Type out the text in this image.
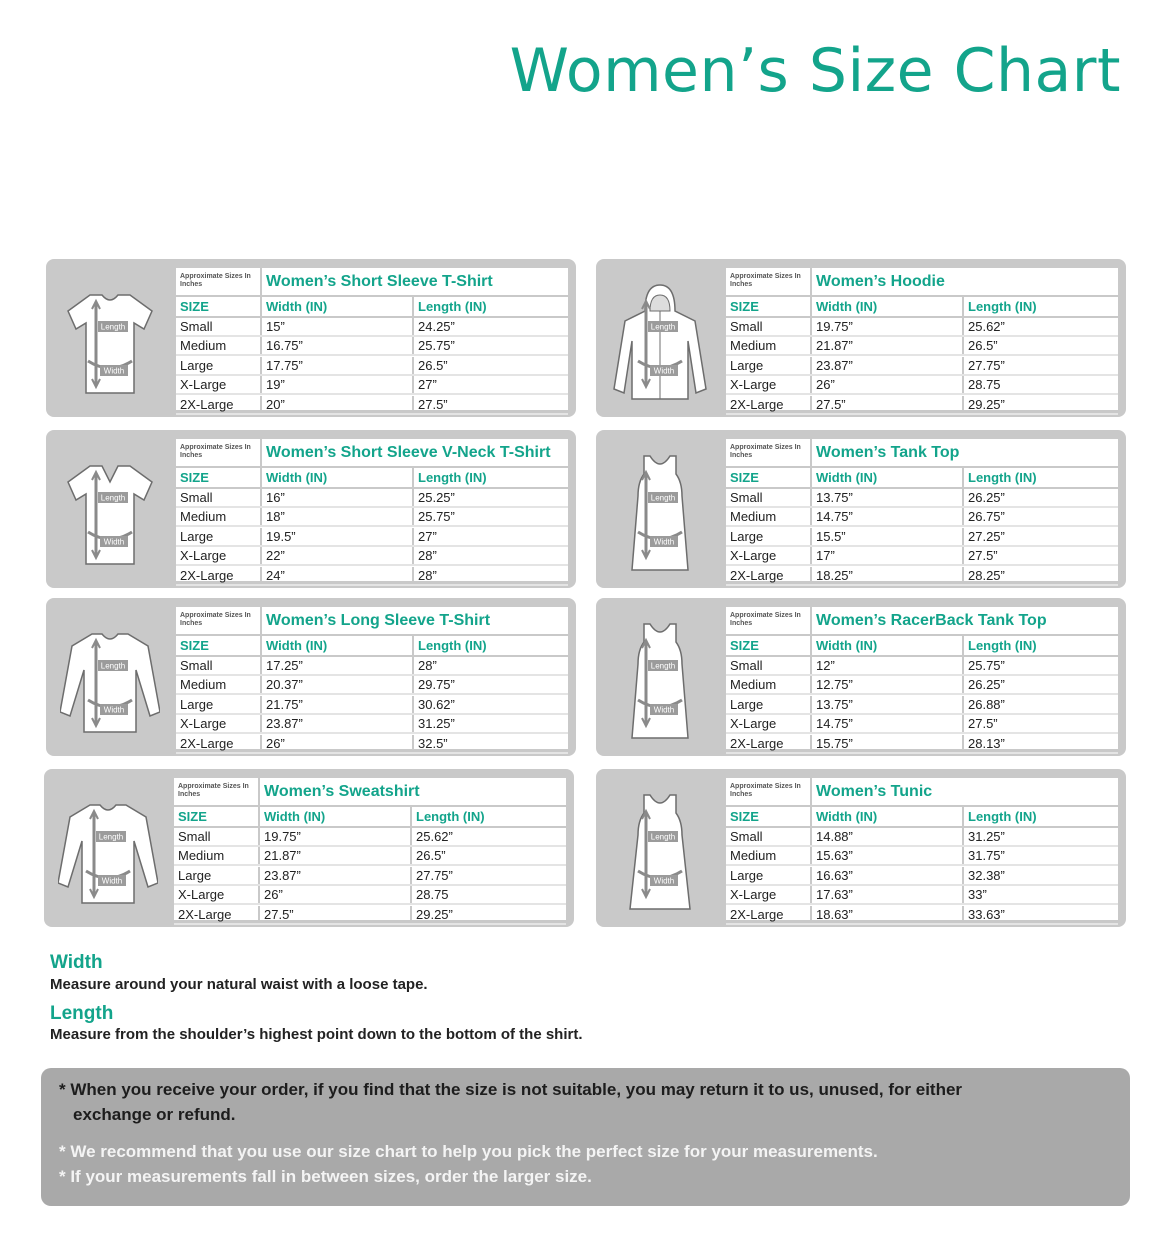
Women’s Size Chart
Length
Width
Approximate Sizes In Inches	Women’s Short Sleeve T-Shirt
SIZE	Width (IN)	Length (IN)
Small	15”	24.25”
Medium	16.75”	25.75”
Large	17.75”	26.5”
X-Large	19”	27”
2X-Large	20”	27.5”
Length
Width
Approximate Sizes In Inches	Women’s Hoodie
SIZE	Width (IN)	Length (IN)
Small	19.75”	25.62”
Medium	21.87”	26.5”
Large	23.87”	27.75”
X-Large	26”	28.75
2X-Large	27.5”	29.25”
Length
Width
Approximate Sizes In Inches	Women’s Short Sleeve V-Neck T-Shirt
SIZE	Width (IN)	Length (IN)
Small	16”	25.25”
Medium	18”	25.75”
Large	19.5”	27”
X-Large	22”	28”
2X-Large	24”	28”
Length
Width
Approximate Sizes In Inches	Women’s Tank Top
SIZE	Width (IN)	Length (IN)
Small	13.75”	26.25”
Medium	14.75”	26.75”
Large	15.5”	27.25”
X-Large	17”	27.5”
2X-Large	18.25”	28.25”
Length
Width
Approximate Sizes In Inches	Women’s Long Sleeve T-Shirt
SIZE	Width (IN)	Length (IN)
Small	17.25”	28”
Medium	20.37”	29.75”
Large	21.75”	30.62”
X-Large	23.87”	31.25”
2X-Large	26”	32.5”
Length
Width
Approximate Sizes In Inches	Women’s RacerBack Tank Top
SIZE	Width (IN)	Length (IN)
Small	12”	25.75”
Medium	12.75”	26.25”
Large	13.75”	26.88”
X-Large	14.75”	27.5”
2X-Large	15.75”	28.13”
Length
Width
Approximate Sizes In Inches	Women’s Sweatshirt
SIZE	Width (IN)	Length (IN)
Small	19.75”	25.62”
Medium	21.87”	26.5”
Large	23.87”	27.75”
X-Large	26”	28.75
2X-Large	27.5”	29.25”
Length
Width
Approximate Sizes In Inches	Women’s Tunic
SIZE	Width (IN)	Length (IN)
Small	14.88”	31.25”
Medium	15.63”	31.75”
Large	16.63”	32.38”
X-Large	17.63”	33”
2X-Large	18.63”	33.63”
Width
Measure around your natural waist with a loose tape.
Length
Measure from the shoulder’s highest point down to the bottom of the shirt.
* When you receive your order, if you find that the size is not suitable, you may return it to us, unused, for either
exchange or refund.
* We recommend that you use our size chart to help you pick the perfect size for your measurements.
* If your measurements fall in between sizes, order the larger size.
